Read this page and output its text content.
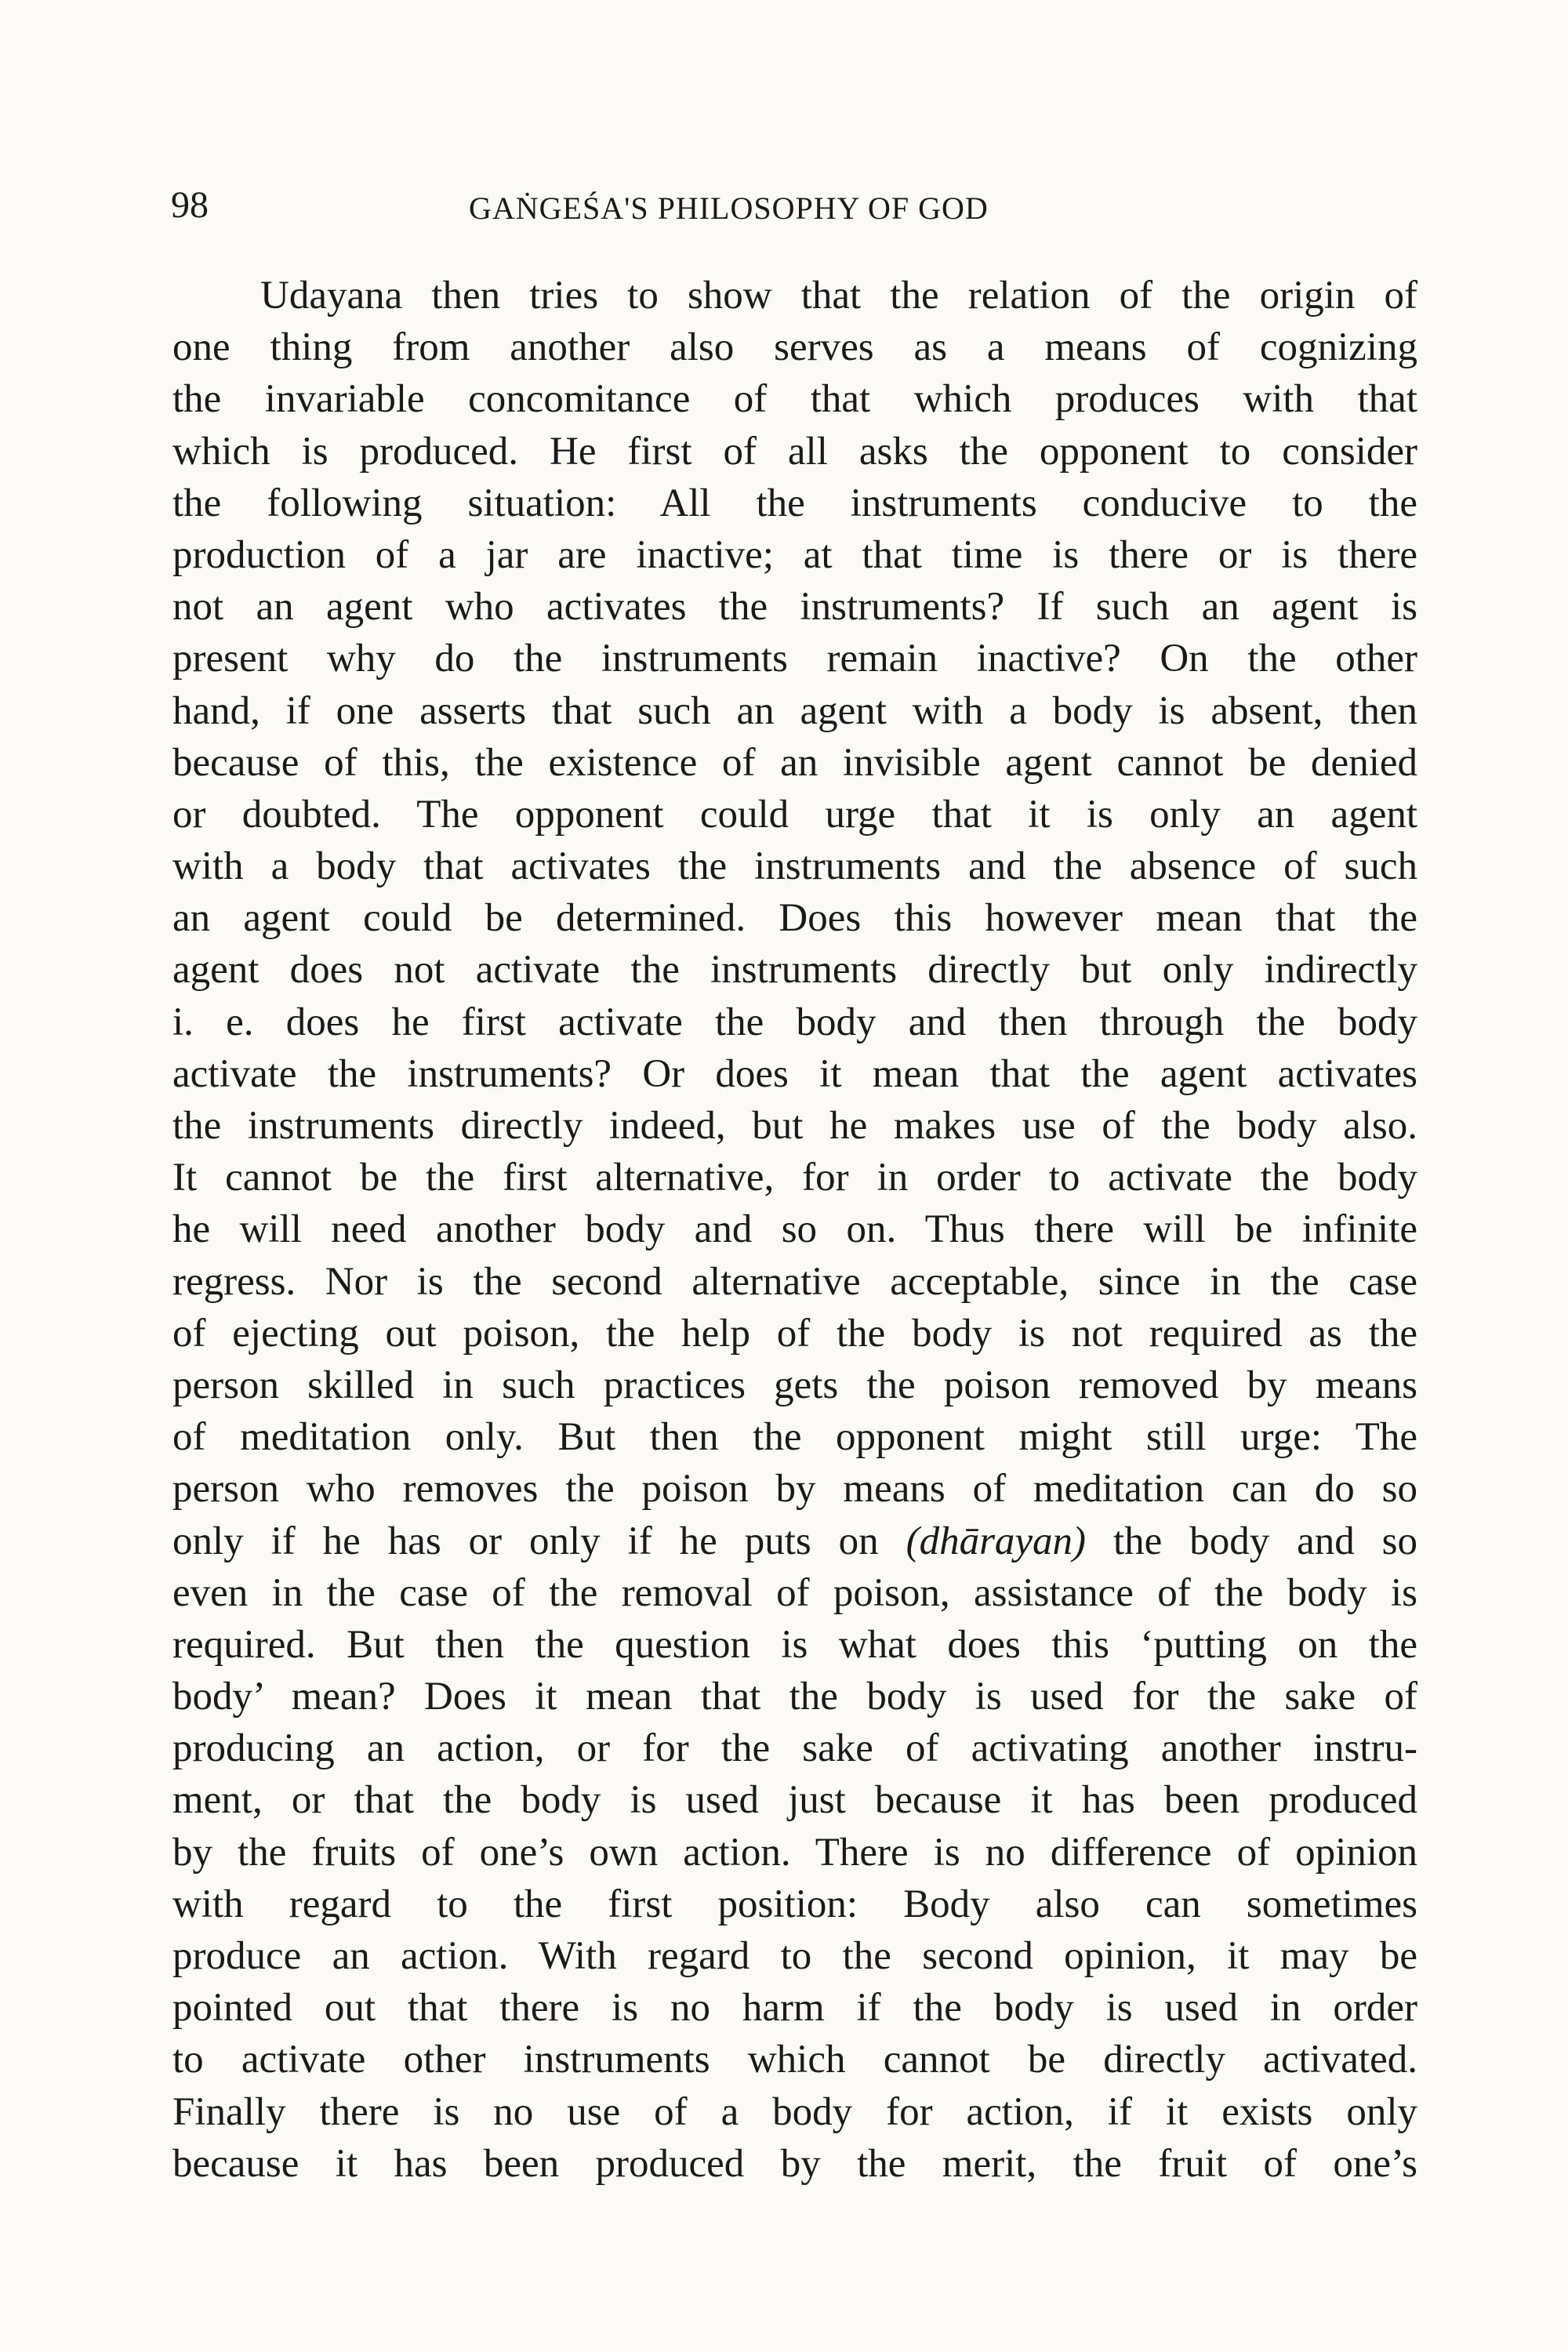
98	GAṄGEŚA'S PHILOSOPHY OF GOD
Udayana then tries to show that the relation of the origin of
one thing from another also serves as a means of cognizing
the invariable concomitance of that which produces with that
which is produced. He first of all asks the opponent to consider
the following situation: All the instruments conducive to the
production of a jar are inactive; at that time is there or is there
not an agent who activates the instruments? If such an agent is
present why do the instruments remain inactive? On the other
hand, if one asserts that such an agent with a body is absent, then
because of this, the existence of an invisible agent cannot be denied
or doubted. The opponent could urge that it is only an agent
with a body that activates the instruments and the absence of such
an agent could be determined. Does this however mean that the
agent does not activate the instruments directly but only indirectly
i. e. does he first activate the body and then through the body
activate the instruments? Or does it mean that the agent activates
the instruments directly indeed, but he makes use of the body also.
It cannot be the first alternative, for in order to activate the body
he will need another body and so on. Thus there will be infinite
regress. Nor is the second alternative acceptable, since in the case
of ejecting out poison, the help of the body is not required as the
person skilled in such practices gets the poison removed by means
of meditation only. But then the opponent might still urge: The
person who removes the poison by means of meditation can do so
only if he has or only if he puts on (dhārayan) the body and so
even in the case of the removal of poison, assistance of the body is
required. But then the question is what does this ‘putting on the
body’ mean? Does it mean that the body is used for the sake of
producing an action, or for the sake of activating another instru-
ment, or that the body is used just because it has been produced
by the fruits of one’s own action. There is no difference of opinion
with regard to the first position: Body also can sometimes
produce an action. With regard to the second opinion, it may be
pointed out that there is no harm if the body is used in order
to activate other instruments which cannot be directly activated.
Finally there is no use of a body for action, if it exists only
because it has been produced by the merit, the fruit of one’s
